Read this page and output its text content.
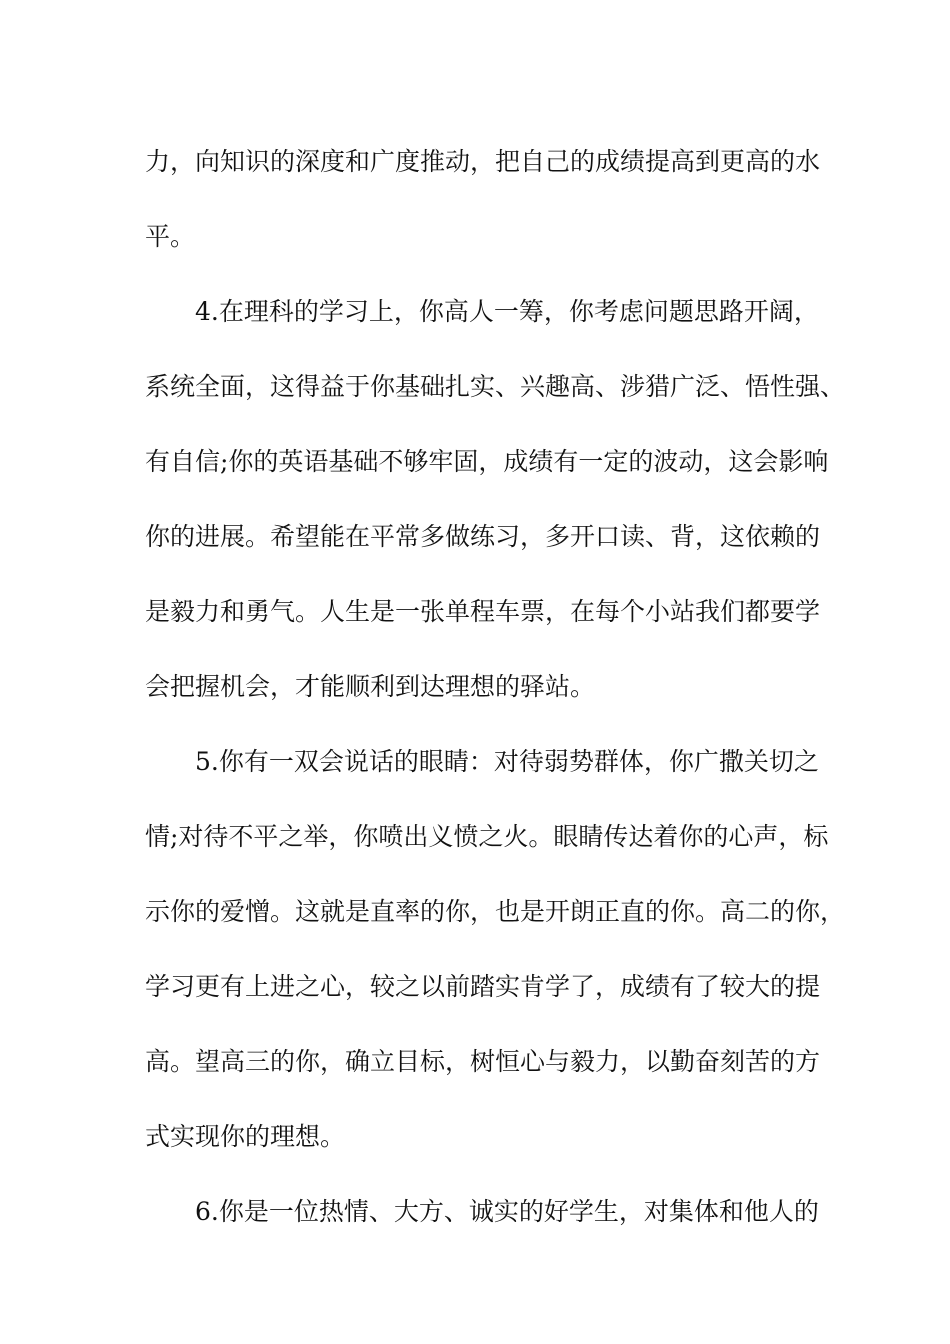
力，向知识的深度和广度推动，把自己的成绩提高到更高的水
平。
4.在理科的学习上，你高人一筹，你考虑问题思路开阔，
系统全面，这得益于你基础扎实、兴趣高、涉猎广泛、悟性强、
有自信;你的英语基础不够牢固，成绩有一定的波动，这会影响
你的进展。希望能在平常多做练习，多开口读、背，这依赖的
是毅力和勇气。人生是一张单程车票，在每个小站我们都要学
会把握机会，才能顺利到达理想的驿站。
5.你有一双会说话的眼睛：对待弱势群体，你广撒关切之
情;对待不平之举，你喷出义愤之火。眼睛传达着你的心声，标
示你的爱憎。这就是直率的你，也是开朗正直的你。高二的你，
学习更有上进之心，较之以前踏实肯学了，成绩有了较大的提
高。望高三的你，确立目标，树恒心与毅力，以勤奋刻苦的方
式实现你的理想。
6.你是一位热情、大方、诚实的好学生，对集体和他人的
